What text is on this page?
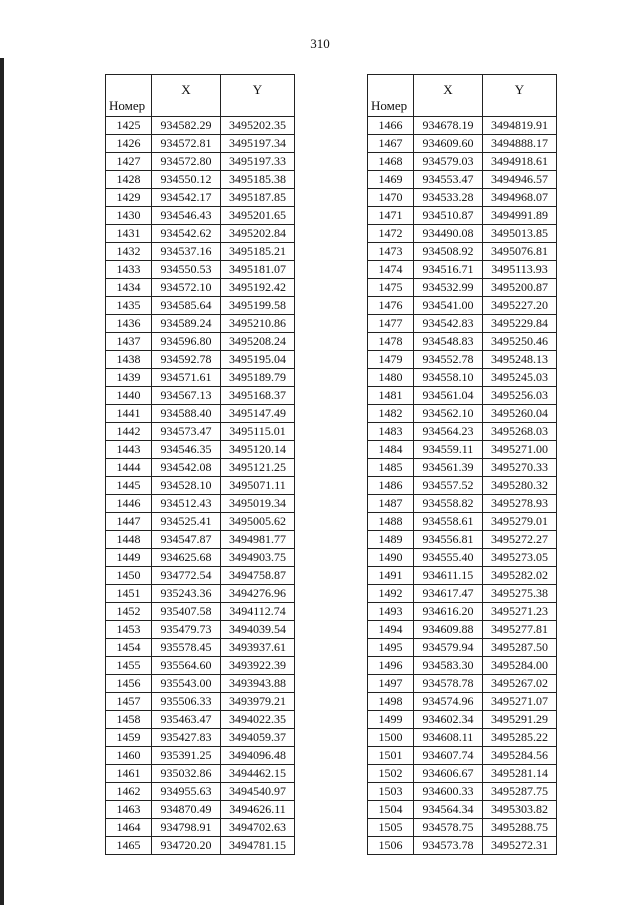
310
Номер	X	Y
1425	934582.29	3495202.35
1426	934572.81	3495197.34
1427	934572.80	3495197.33
1428	934550.12	3495185.38
1429	934542.17	3495187.85
1430	934546.43	3495201.65
1431	934542.62	3495202.84
1432	934537.16	3495185.21
1433	934550.53	3495181.07
1434	934572.10	3495192.42
1435	934585.64	3495199.58
1436	934589.24	3495210.86
1437	934596.80	3495208.24
1438	934592.78	3495195.04
1439	934571.61	3495189.79
1440	934567.13	3495168.37
1441	934588.40	3495147.49
1442	934573.47	3495115.01
1443	934546.35	3495120.14
1444	934542.08	3495121.25
1445	934528.10	3495071.11
1446	934512.43	3495019.34
1447	934525.41	3495005.62
1448	934547.87	3494981.77
1449	934625.68	3494903.75
1450	934772.54	3494758.87
1451	935243.36	3494276.96
1452	935407.58	3494112.74
1453	935479.73	3494039.54
1454	935578.45	3493937.61
1455	935564.60	3493922.39
1456	935543.00	3493943.88
1457	935506.33	3493979.21
1458	935463.47	3494022.35
1459	935427.83	3494059.37
1460	935391.25	3494096.48
1461	935032.86	3494462.15
1462	934955.63	3494540.97
1463	934870.49	3494626.11
1464	934798.91	3494702.63
1465	934720.20	3494781.15
Номер	X	Y
1466	934678.19	3494819.91
1467	934609.60	3494888.17
1468	934579.03	3494918.61
1469	934553.47	3494946.57
1470	934533.28	3494968.07
1471	934510.87	3494991.89
1472	934490.08	3495013.85
1473	934508.92	3495076.81
1474	934516.71	3495113.93
1475	934532.99	3495200.87
1476	934541.00	3495227.20
1477	934542.83	3495229.84
1478	934548.83	3495250.46
1479	934552.78	3495248.13
1480	934558.10	3495245.03
1481	934561.04	3495256.03
1482	934562.10	3495260.04
1483	934564.23	3495268.03
1484	934559.11	3495271.00
1485	934561.39	3495270.33
1486	934557.52	3495280.32
1487	934558.82	3495278.93
1488	934558.61	3495279.01
1489	934556.81	3495272.27
1490	934555.40	3495273.05
1491	934611.15	3495282.02
1492	934617.47	3495275.38
1493	934616.20	3495271.23
1494	934609.88	3495277.81
1495	934579.94	3495287.50
1496	934583.30	3495284.00
1497	934578.78	3495267.02
1498	934574.96	3495271.07
1499	934602.34	3495291.29
1500	934608.11	3495285.22
1501	934607.74	3495284.56
1502	934606.67	3495281.14
1503	934600.33	3495287.75
1504	934564.34	3495303.82
1505	934578.75	3495288.75
1506	934573.78	3495272.31
